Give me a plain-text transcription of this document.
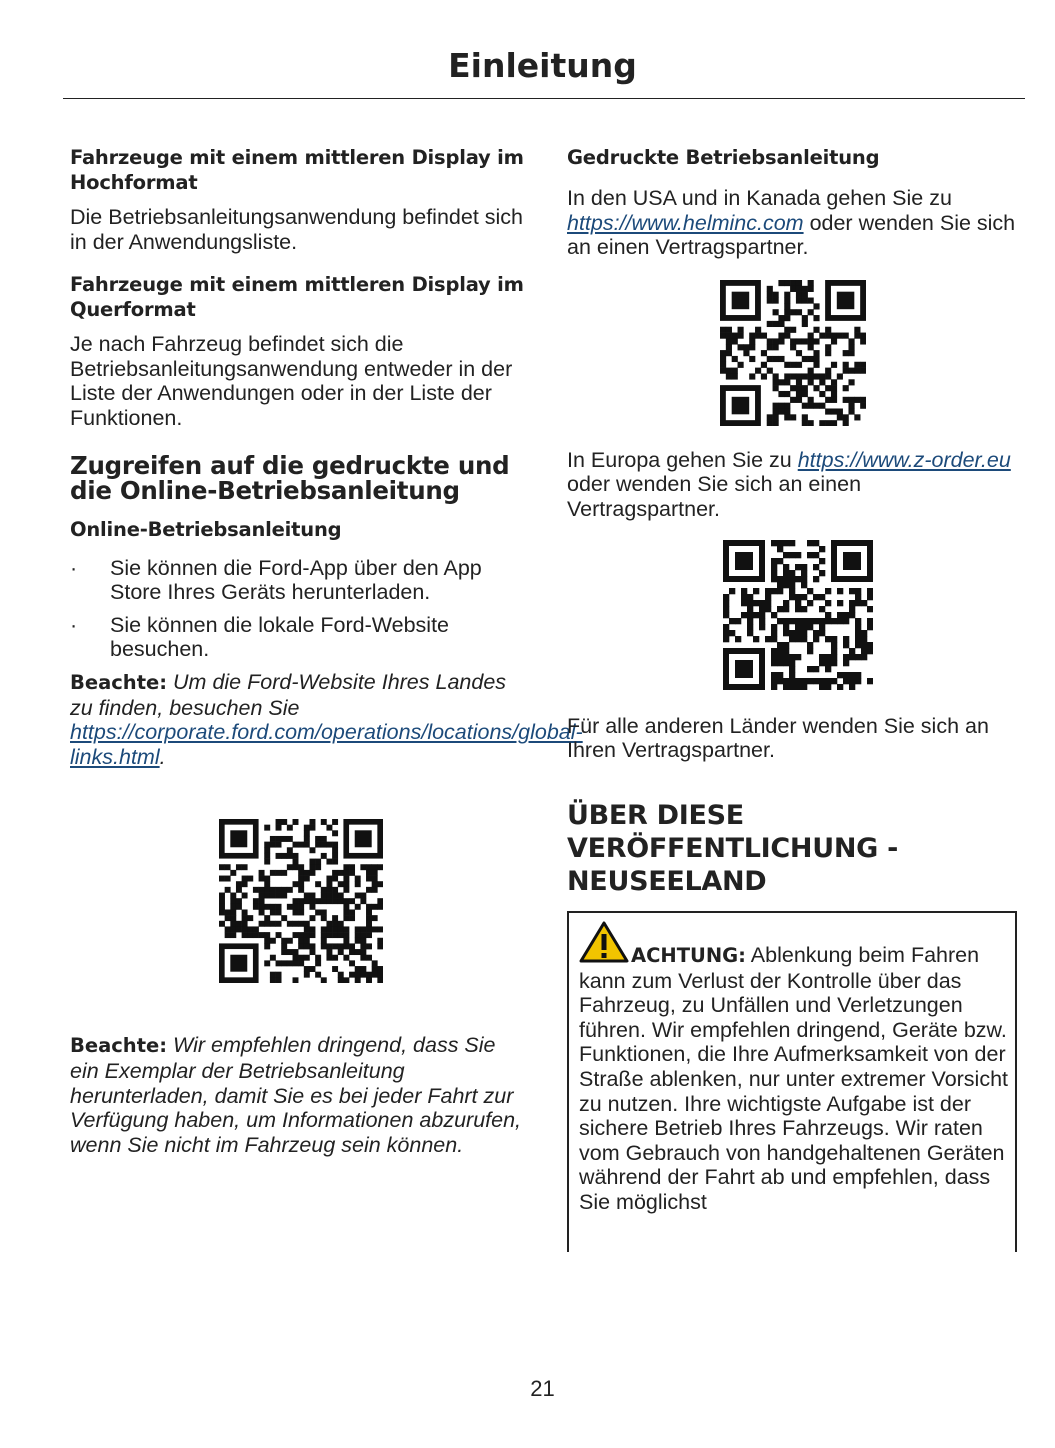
Einleitung
Fahrzeuge mit einem mittleren Display im Hochformat

Die Betriebsanleitungsanwendung befindet sich in der Anwendungsliste.

Fahrzeuge mit einem mittleren Display im Querformat

Je nach Fahrzeug befindet sich die Betriebsanleitungsanwendung entweder in der Liste der Anwendungen oder in der Liste der Funktionen.

Zugreifen auf die gedruckte und die Online-Betriebsanleitung
Online-Betriebsanleitung
· Sie können die Ford-App über den App Store Ihres Geräts herunterladen.
· Sie können die lokale Ford-Website besuchen.

Beachte: Um die Ford-Website Ihres Landes zu finden, besuchen Sie https://corporate.ford.com/operations/locations/global-links.html.

Beachte: Wir empfehlen dringend, dass Sie ein Exemplar der Betriebsanleitung herunterladen, damit Sie es bei jeder Fahrt zur Verfügung haben, um Informationen abzurufen, wenn Sie nicht im Fahrzeug sein können.

Gedruckte Betriebsanleitung

In den USA und in Kanada gehen Sie zu https://www.helminc.com oder wenden Sie sich an einen Vertragspartner.

In Europa gehen Sie zu https://www.z-order.eu oder wenden Sie sich an einen Vertragspartner.

Für alle anderen Länder wenden Sie sich an Ihren Vertragspartner.

ÜBER DIESE VERÖFFENTLICHUNG - NEUSEELAND
ACHTUNG: Ablenkung beim Fahren kann zum Verlust der Kontrolle über das Fahrzeug, zu Unfällen und Verletzungen führen. Wir empfehlen dringend, Geräte bzw. Funktionen, die Ihre Aufmerksamkeit von der Straße ablenken, nur unter extremer Vorsicht zu nutzen. Ihre wichtigste Aufgabe ist der sichere Betrieb Ihres Fahrzeugs. Wir raten vom Gebrauch von handgehaltenen Geräten während der Fahrt ab und empfehlen, dass Sie möglichst
21
